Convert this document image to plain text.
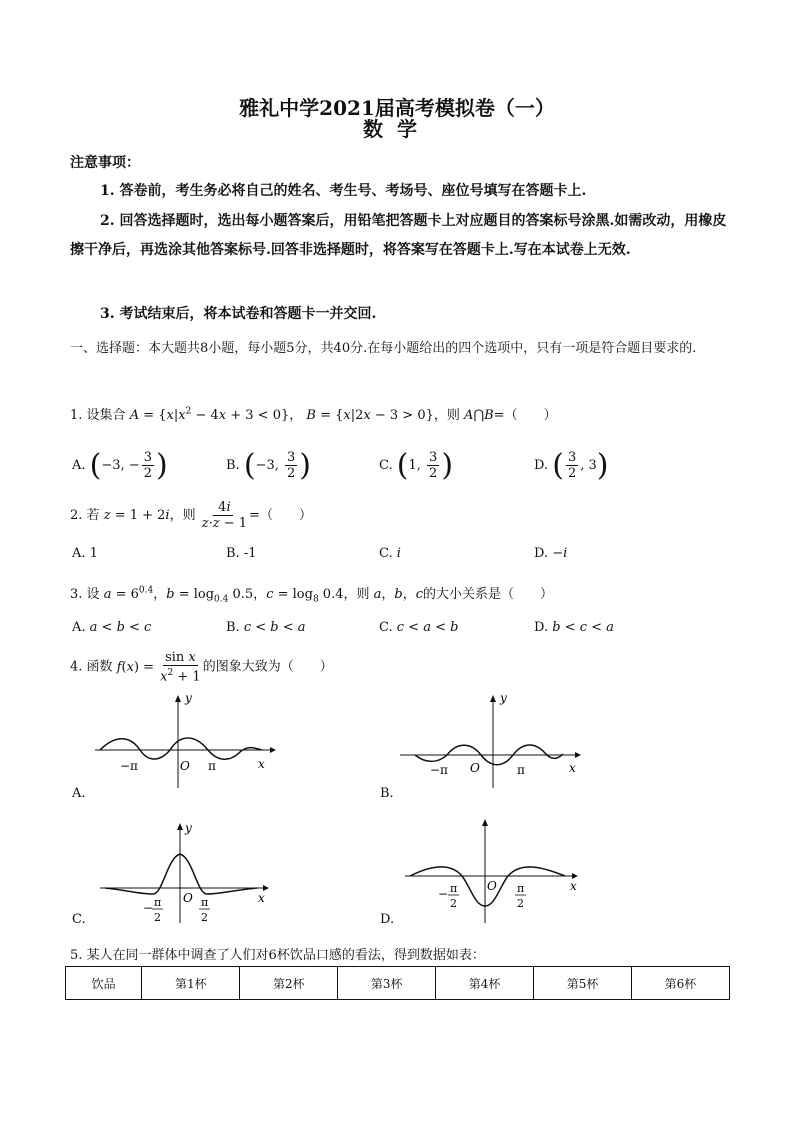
雅礼中学2021届高考模拟卷（一）
数学
注意事项：
1. 答卷前，考生务必将自己的姓名、考生号、考场号、座位号填写在答题卡上.
2. 回答选择题时，选出每小题答案后，用铅笔把答题卡上对应题目的答案标号涂黑.如需改动，用橡皮擦干净后，再选涂其他答案标号.回答非选择题时，将答案写在答题卡上.写在本试卷上无效.
3. 考试结束后，将本试卷和答题卡一并交回.
一、选择题：本大题共8小题，每小题5分，共40分.在每小题给出的四个选项中，只有一项是符合题目要求的.
1. 设集合 $A = \{x|x^2 - 4x + 3 < 0\}$， B = {x|2x − 3 > 0}，则 A⋂B=（　　）
A. (−3, − $\frac{3}{2}$ )	B. (−3, $\frac{3}{2}$ )	C. (1, $\frac{3}{2}$ )	D. ( $\frac{3}{2}$ , 3)
2. 若 z = 1 + 2i，则 $\frac{4i}{z\cdot\overline{z} - 1}$ =（　　）
A. 1	B. -1	C. i	D. −i
3. 设 $a = 6^{0.4}$，$b = \log_{0.4} 0.5$，$c = \log_8 0.4$，则 a，b，c的大小关系是（　　）
A. a < b < c	B. c < b < a	C. c < a < b	D. b < c < a
4. 函数 $f(x) = \frac{\text{sin x}}{x^2 + 1}$ 的图象大致为（　　）
y
x
O
−π	π
A.
y
x
O
−π	π
B.
y
x
O
− π
2
π
2
C.
x
O
− π
2
π
2
D.
5. 某人在同一群体中调查了人们对6杯饮品口感的看法，得到数据如表：
饮品	第1杯	第2杯	第3杯	第4杯	第5杯	第6杯
